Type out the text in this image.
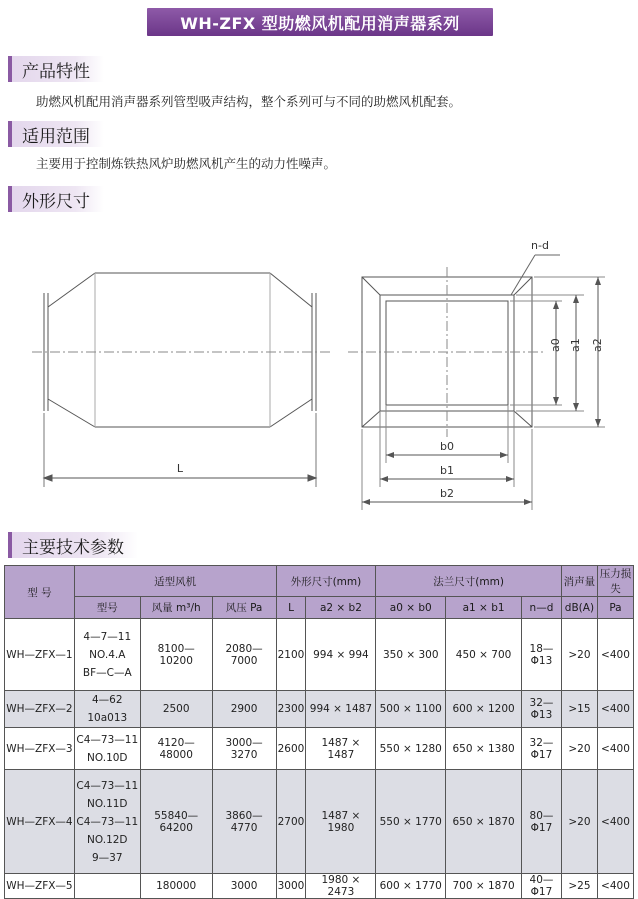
WH-ZFX 型助燃风机配用消声器系列
产品特性
助燃风机配用消声器系列管型吸声结构，整个系列可与不同的助燃风机配套。
适用范围
主要用于控制炼铁热风炉助燃风机产生的动力性噪声。
外形尺寸
L
n-d
a0 a1 a2
b0
b1
b2
主要技术参数
型 号	适型风机			外形尺寸(mm)		法兰尺寸(mm)			消声量	压力损失
	型号	风量 m³/h	风压 Pa	L	a2 × b2	a0 × b0	a1 × b1	n—d	dB(A)	Pa
WH—ZFX—1	4—7—11
NO.4.A
BF—C—A	8100—10200	2080—7000	2100	994 × 994	350 × 300	450 × 700	18—Φ13	>20	<400
WH—ZFX—2	4—62
10a013	2500	2900	2300	994 × 1487	500 × 1100	600 × 1200	32—Φ13	>15	<400
WH—ZFX—3	C4—73—11
NO.10D	4120—48000	3000—3270	2600	1487 × 1487	550 × 1280	650 × 1380	32—Φ17	>20	<400
WH—ZFX—4	C4—73—11
NO.11D
C4—73—11
NO.12D
9—37	55840—64200	3860—4770	2700	1487 × 1980	550 × 1770	650 × 1870	80—Φ17	>20	<400
WH—ZFX—5		180000	3000	3000	1980 × 2473	600 × 1770	700 × 1870	40—Φ17	>25	<400
